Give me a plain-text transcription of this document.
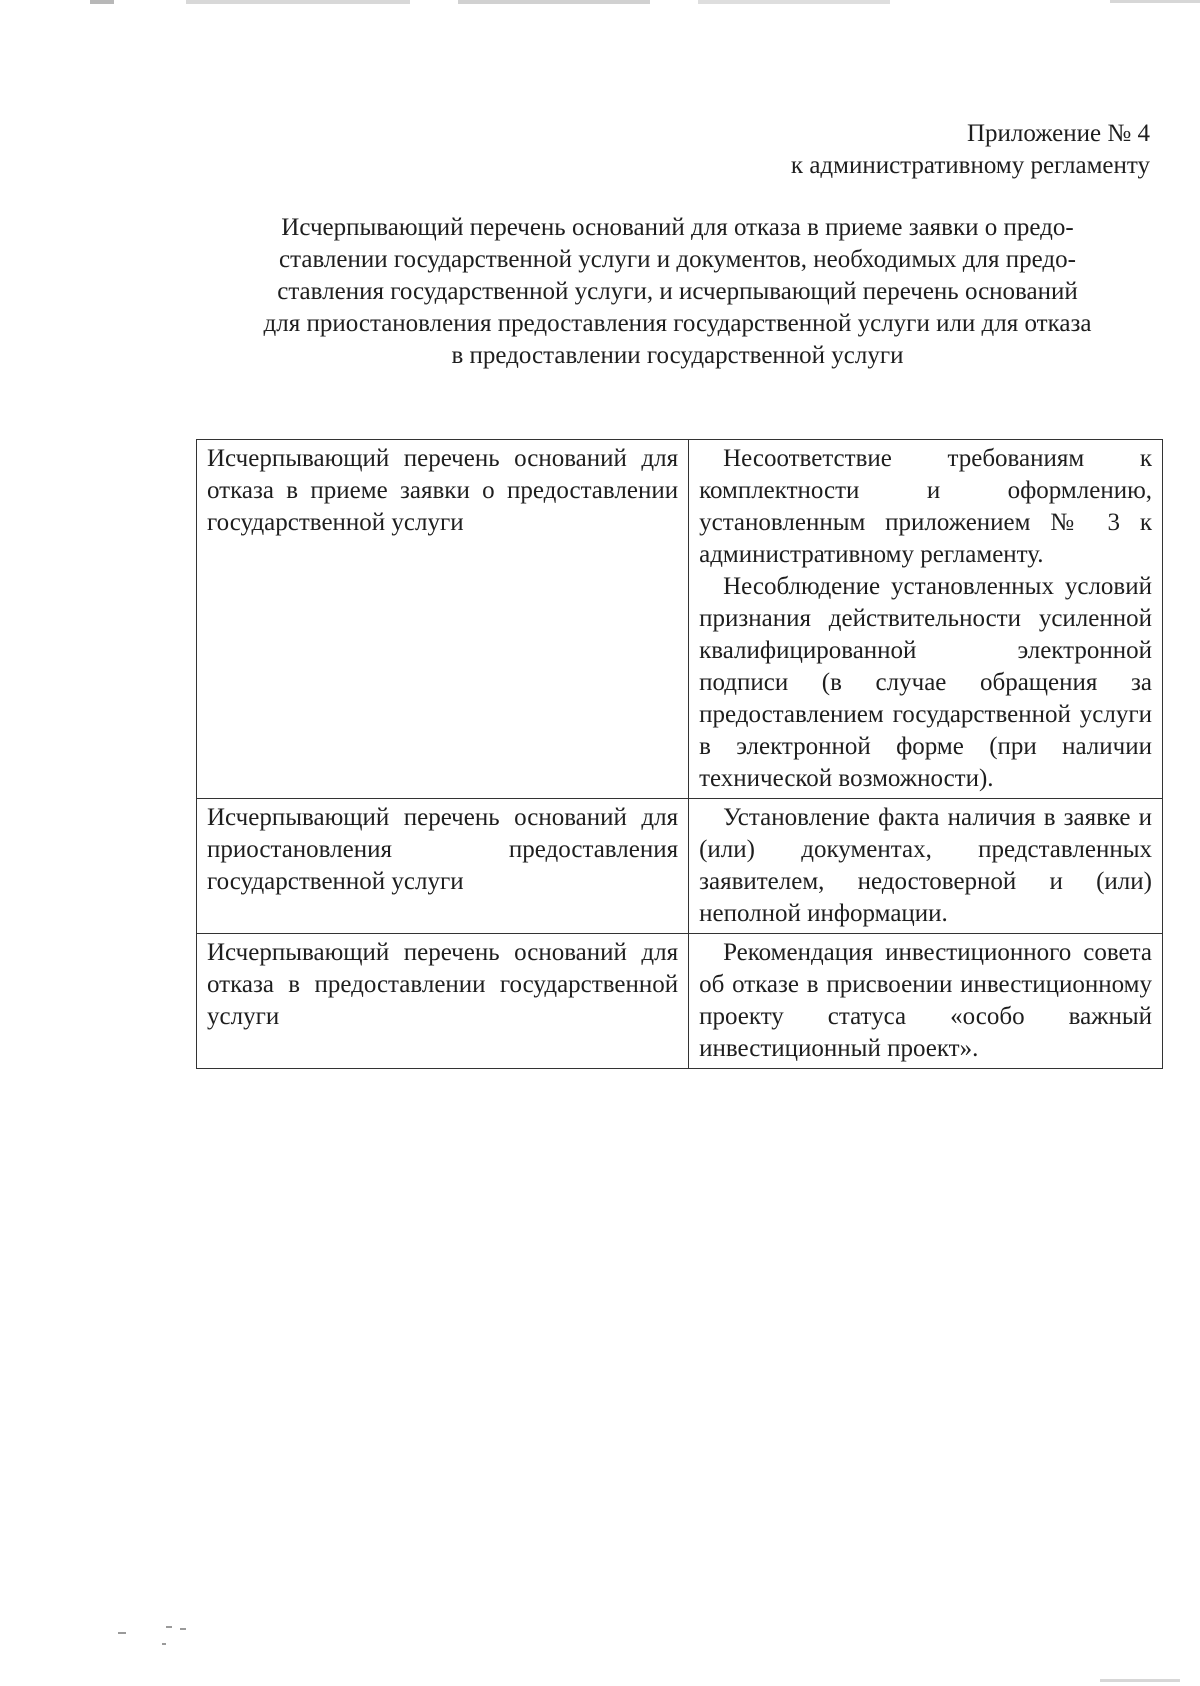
Приложение № 4
к административному регламенту
Исчерпывающий перечень оснований для отказа в приеме заявки о предо-
ставлении государственной услуги и документов, необходимых для предо-
ставления государственной услуги, и исчерпывающий перечень оснований
для приостановления предоставления государственной услуги или для отказа
в предоставлении государственной услуги
Исчерпывающий перечень оснований для отказа в приеме заявки о предоставлении государственной услуги	Несоответствие требованиям к комплектности и оформлению, установленным приложением № 3 к административному регламенту.
Несоблюдение установленных условий признания действительности усиленной квалифицированной электронной подписи (в случае обращения за предоставлением государственной услуги в электронной форме (при наличии технической возможности).

Исчерпывающий перечень оснований для приостановления предоставления государственной услуги	Установление факта наличия в заявке и (или) документах, представленных заявителем, недостоверной и (или) неполной информации.

Исчерпывающий перечень оснований для отказа в предоставлении государственной услуги	Рекомендация инвестиционного совета об отказе в присвоении инвестиционному проекту статуса «особо важный инвестиционный проект».
